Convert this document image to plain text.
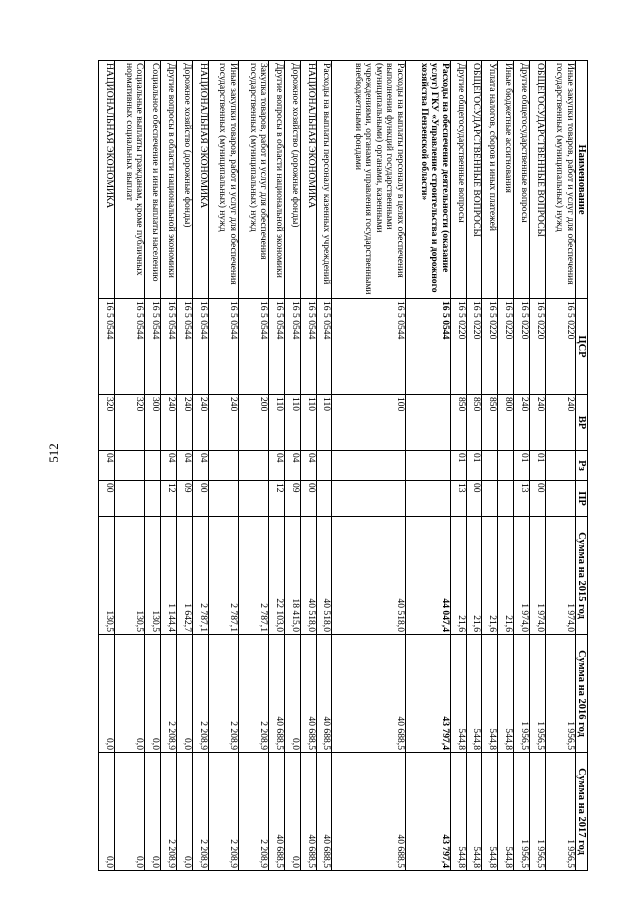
512
Наименование	ЦСР	ВР	Рз	ПР	Сумма на 2015 год	Сумма на 2016 год	Сумма на 2017 год
Иные закупки товаров, работ и услуг для обеспечения государственных (муниципальных) нужд	16 5 0220	240			1 974,0	1 956,5	1 956,5
ОБЩЕГОСУДАРСТВЕННЫЕ ВОПРОСЫ	16 5 0220	240	01	00	1 974,0	1 956,5	1 956,5
Другие общегосударственные вопросы	16 5 0220	240	01	13	1 974,0	1 956,5	1 956,5
Иные бюджетные ассигнования	16 5 0220	800			21,6	544,8	544,8
Уплата налогов, сборов и иных платежей	16 5 0220	850			21,6	544,8	544,8
ОБЩЕГОСУДАРСТВЕННЫЕ ВОПРОСЫ	16 5 0220	850	01	00	21,6	544,8	544,8
Другие общегосударственные вопросы	16 5 0220	850	01	13	21,6	544,8	544,8
Расходы на обеспечение деятельности (оказание услуг) ГКУ «Управление строительства и дорожного хозяйства Пензенской области»	16 5 0544				44 047,4	43 797,4	43 797,4
Расходы на выплаты персоналу в целях обеспечения выполнения функций государственными (муниципальными) органами, казенными учреждениями, органами управления государственными внебюджетными фондами	16 5 0544	100			40 518,0	40 688,5	40 688,5
Расходы на выплаты персоналу казенных учреждений	16 5 0544	110			40 518,0	40 688,5	40 688,5
НАЦИОНАЛЬНАЯ ЭКОНОМИКА	16 5 0544	110	04	00	40 518,0	40 688,5	40 688,5
Дорожное хозяйство (дорожные фонды)	16 5 0544	110	04	09	18 415,0	0,0	0,0
Другие вопросы в области национальной экономики	16 5 0544	110	04	12	22 103,0	40 688,5	40 688,5
Закупка товаров, работ и услуг для обеспечения государственных (муниципальных) нужд	16 5 0544	200			2 787,1	2 208,9	2 208,9
Иные закупки товаров, работ и услуг для обеспечения государственных (муниципальных) нужд	16 5 0544	240			2 787,1	2 208,9	2 208,9
НАЦИОНАЛЬНАЯ ЭКОНОМИКА	16 5 0544	240	04	00	2 787,1	2 208,9	2 208,9
Дорожное хозяйство (дорожные фонды)	16 5 0544	240	04	09	1 642,7	0,0	0,0
Другие вопросы в области национальной экономики	16 5 0544	240	04	12	1 144,4	2 208,9	2 208,9
Социальное обеспечение и иные выплаты населению	16 5 0544	300			130,5	0,0	0,0
Социальные выплаты гражданам, кроме публичных нормативных социальных выплат	16 5 0544	320			130,5	0,0	0,0
НАЦИОНАЛЬНАЯ ЭКОНОМИКА	16 5 0544	320	04	00	130,5	0,0	0,0
